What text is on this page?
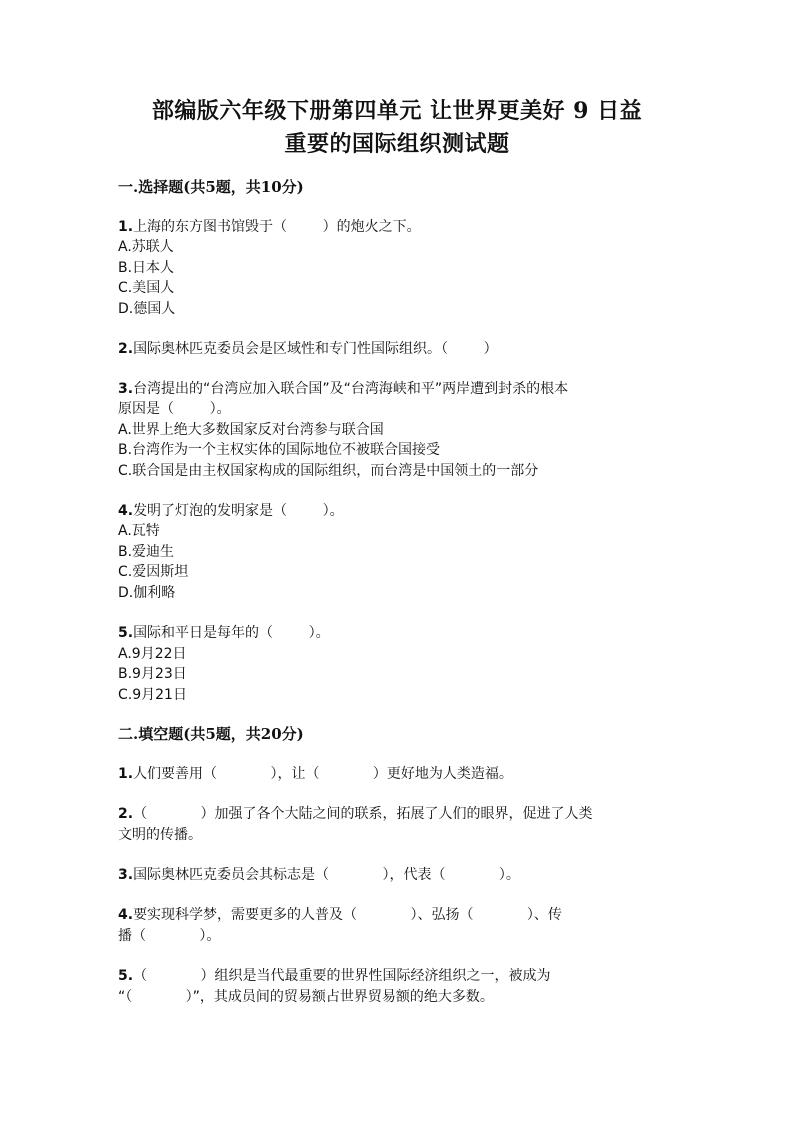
部编版六年级下册第四单元 让世界更美好 9 日益
重要的国际组织测试题
一.选择题(共5题，共10分)
1.上海的东方图书馆毁于（        ）的炮火之下。
A.苏联人
B.日本人
C.美国人
D.德国人
2.国际奥林匹克委员会是区域性和专门性国际组织。（        ）
3.台湾提出的“台湾应加入联合国”及“台湾海峡和平”两岸遭到封杀的根本
原因是（        ）。
A.世界上绝大多数国家反对台湾参与联合国
B.台湾作为一个主权实体的国际地位不被联合国接受
C.联合国是由主权国家构成的国际组织，而台湾是中国领土的一部分
4.发明了灯泡的发明家是（        ）。
A.瓦特
B.爱迪生
C.爱因斯坦
D.伽利略
5.国际和平日是每年的（        ）。
A.9月22日
B.9月23日
C.9月21日
二.填空题(共5题，共20分)
1.人们要善用（            ），让（            ）更好地为人类造福。
2.（            ）加强了各个大陆之间的联系，拓展了人们的眼界，促进了人类
文明的传播。
3.国际奥林匹克委员会其标志是（            ），代表（            ）。
4.要实现科学梦，需要更多的人普及（            ）、弘扬（            ）、传
播（            ）。
5.（            ）组织是当代最重要的世界性国际经济组织之一，被成为
“（            ）”，其成员间的贸易额占世界贸易额的绝大多数。
